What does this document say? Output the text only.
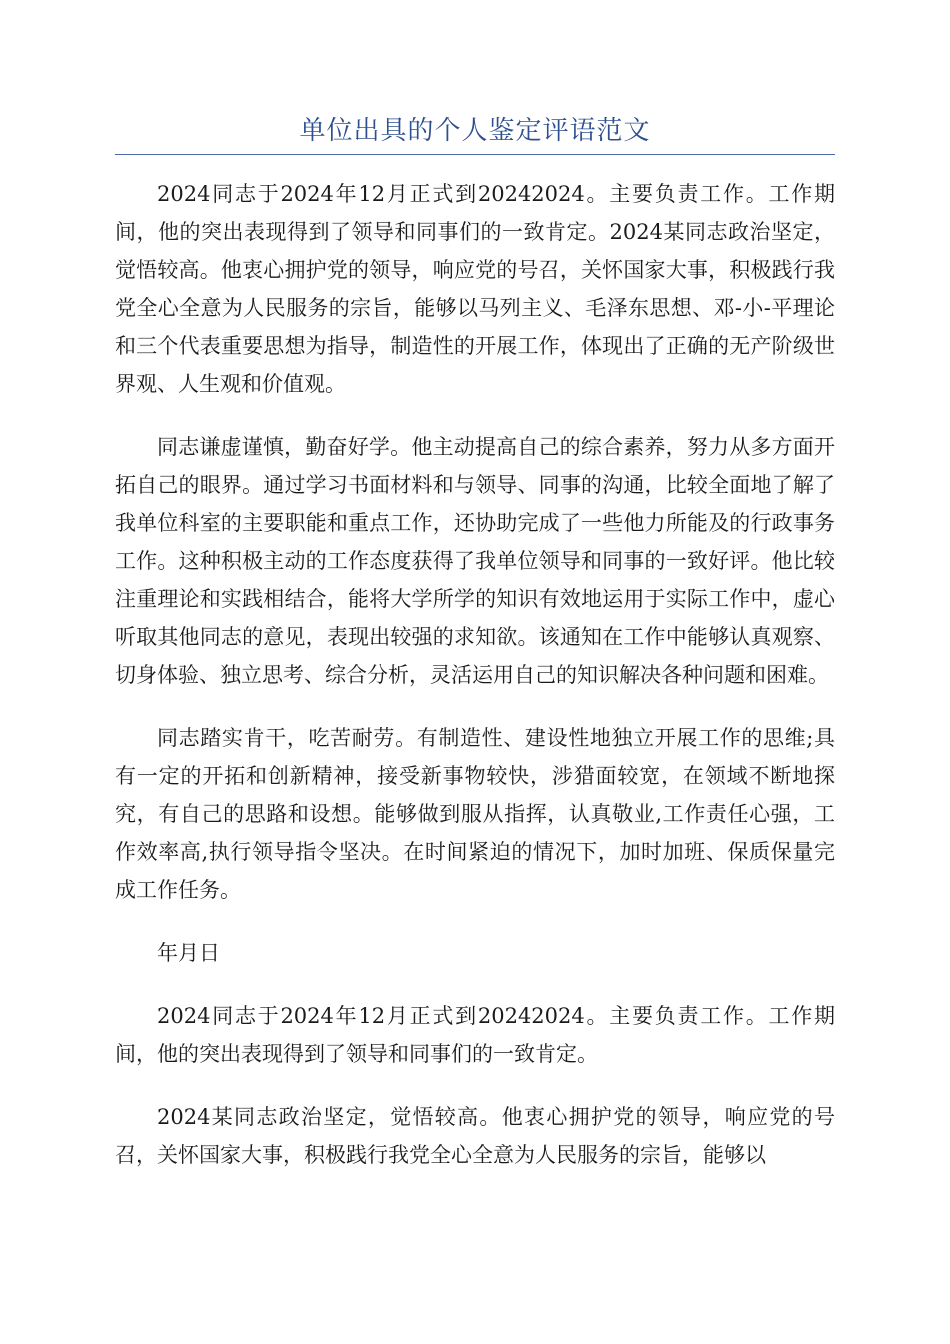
单位出具的个人鉴定评语范文

2024同志于2024年12月正式到20242024。主要负责工作。工作期间，他的突出表现得到了领导和同事们的一致肯定。2024某同志政治坚定，觉悟较高。他衷心拥护党的领导，响应党的号召，关怀国家大事，积极践行我党全心全意为人民服务的宗旨，能够以马列主义、毛泽东思想、邓-小-平理论和三个代表重要思想为指导，制造性的开展工作，体现出了正确的无产阶级世界观、人生观和价值观。

同志谦虚谨慎，勤奋好学。他主动提高自己的综合素养，努力从多方面开拓自己的眼界。通过学习书面材料和与领导、同事的沟通，比较全面地了解了我单位科室的主要职能和重点工作，还协助完成了一些他力所能及的行政事务工作。这种积极主动的工作态度获得了我单位领导和同事的一致好评。他比较注重理论和实践相结合，能将大学所学的知识有效地运用于实际工作中，虚心听取其他同志的意见，表现出较强的求知欲。该通知在工作中能够认真观察、切身体验、独立思考、综合分析，灵活运用自己的知识解决各种问题和困难。

同志踏实肯干，吃苦耐劳。有制造性、建设性地独立开展工作的思维;具有一定的开拓和创新精神，接受新事物较快，涉猎面较宽，在领域不断地探究，有自己的思路和设想。能够做到服从指挥，认真敬业,工作责任心强，工作效率高,执行领导指令坚决。在时间紧迫的情况下，加时加班、保质保量完成工作任务。

年月日

2024同志于2024年12月正式到20242024。主要负责工作。工作期间，他的突出表现得到了领导和同事们的一致肯定。

2024某同志政治坚定，觉悟较高。他衷心拥护党的领导，响应党的号召，关怀国家大事，积极践行我党全心全意为人民服务的宗旨，能够以
